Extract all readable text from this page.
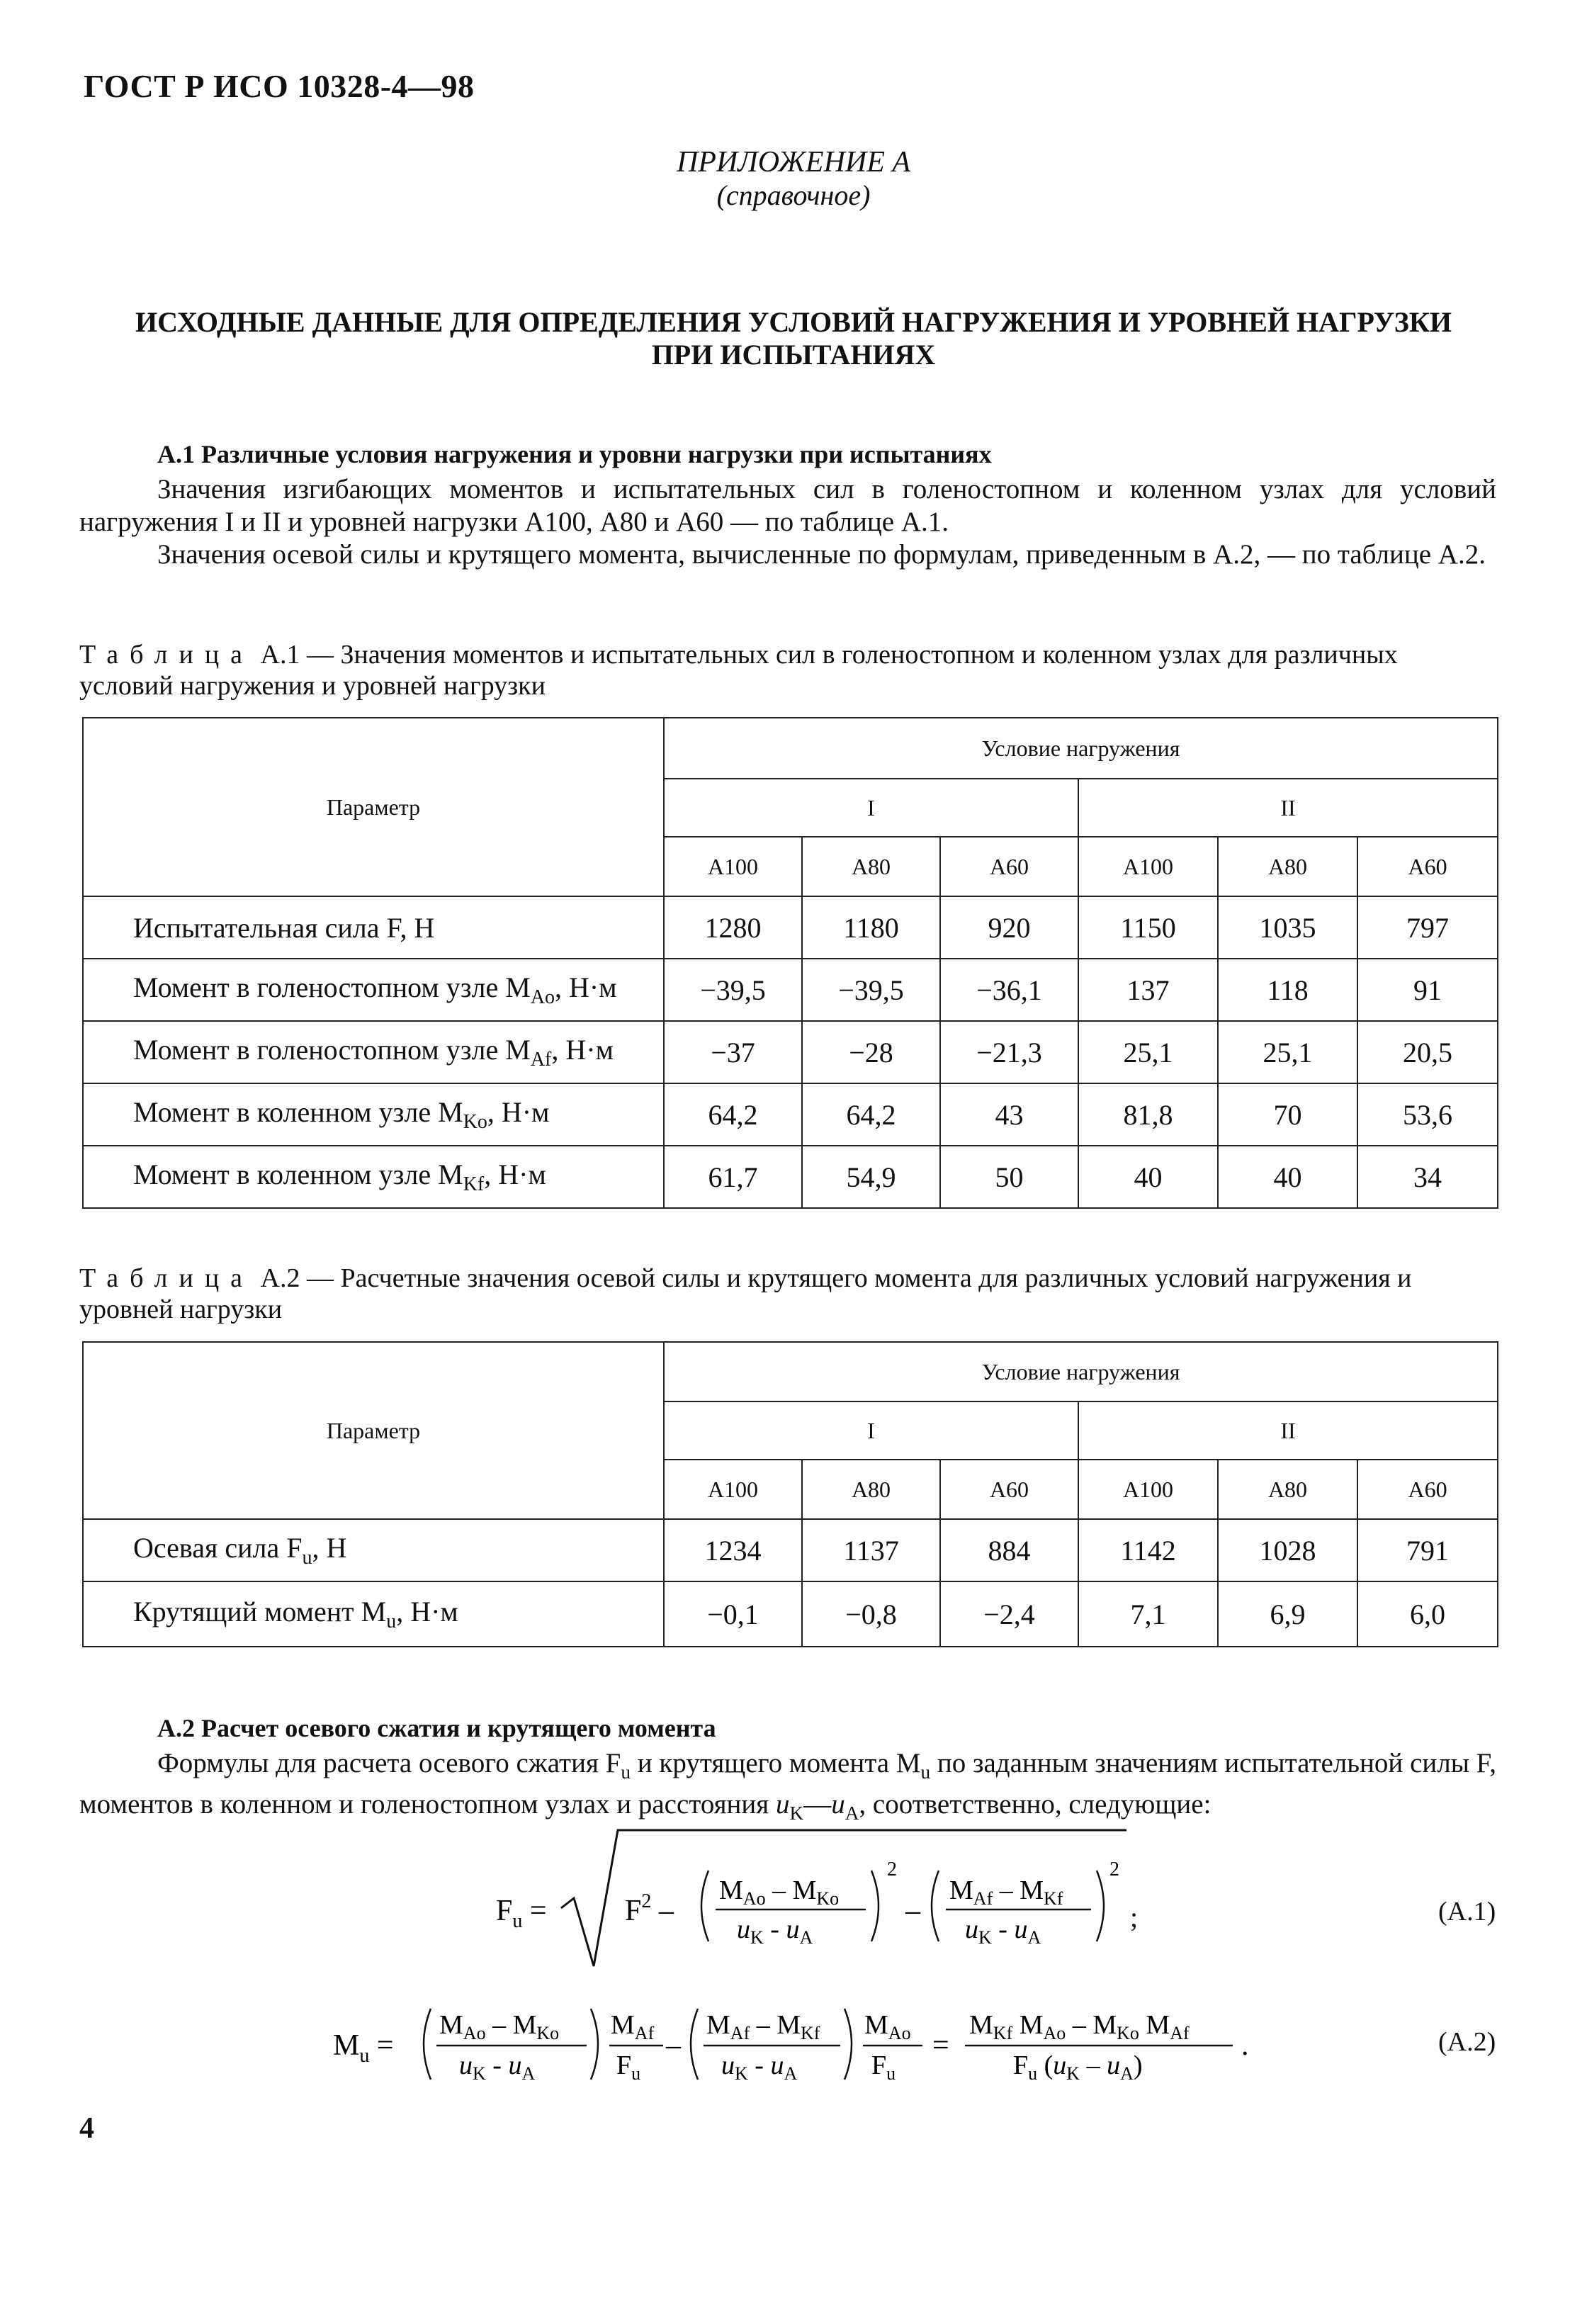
ГОСТ Р ИСО 10328-4—98
ПРИЛОЖЕНИЕ А
(справочное)
ИСХОДНЫЕ ДАННЫЕ ДЛЯ ОПРЕДЕЛЕНИЯ УСЛОВИЙ НАГРУЖЕНИЯ И УРОВНЕЙ НАГРУЗКИ
ПРИ ИСПЫТАНИЯХ
А.1 Различные условия нагружения и уровни нагрузки при испытаниях
Значения изгибающих моментов и испытательных сил в голеностопном и коленном узлах для условий нагружения I и II и уровней нагрузки А100, А80 и А60 — по таблице А.1.
Значения осевой силы и крутящего момента, вычисленные по формулам, приведенным в А.2, — по таблице А.2.
Таблица А.1 — Значения моментов и испытательных сил в голеностопном и коленном узлах для различных условий нагружения и уровней нагрузки
Параметр	Условие нагружения					
	I			II		
	А100	А80	А60	А100	А80	А60
Испытательная сила F, Н	1280	1180	920	1150	1035	797
Момент в голеностопном узле $M_{Ao}$, Н·м	−39,5	−39,5	−36,1	137	118	91
Момент в голеностопном узле $M_{Af}$, Н·м	−37	−28	−21,3	25,1	25,1	20,5
Момент в коленном узле $M_{Ko}$, Н·м	64,2	64,2	43	81,8	70	53,6
Момент в коленном узле $M_{Kf}$, Н·м	61,7	54,9	50	40	40	34
Таблица А.2 — Расчетные значения осевой силы и крутящего момента для различных условий нагружения и уровней нагрузки
Параметр	Условие нагружения					
	I			II		
	А100	А80	А60	А100	А80	А60
Осевая сила $F_u$, Н	1234	1137	884	1142	1028	791
Крутящий момент $M_u$, Н·м	−0,1	−0,8	−2,4	7,1	6,9	6,0
А.2 Расчет осевого сжатия и крутящего момента
Формулы для расчета осевого сжатия $F_u$ и крутящего момента $M_u$ по заданным значениям испытательной силы F, моментов в коленном и голеностопном узлах и расстояния $u_K—u_A$, соответственно, следующие:
$F_u$ =	$F^2$ –
$M_{Ao} - M_{Ko}$
$u_K - u_A$
2
–
$M_{Af} - M_{Kf}$
$u_K - u_A$
2
;	(A.1)
$M_u$ =
$M_{Ao} - M_{Ko}$
$u_K - u_A$
$M_{Af}$
$F_u$
–
$M_{Af} - M_{Kf}$
$u_K - u_A$
$M_{Ao}$
$F_u$
=
$M_{Kf}$ $M_{Ao} - M_{Ko}$ $M_{Af}$
$F_u$ $(u_K - u_A)$
.	(A.2)
4
